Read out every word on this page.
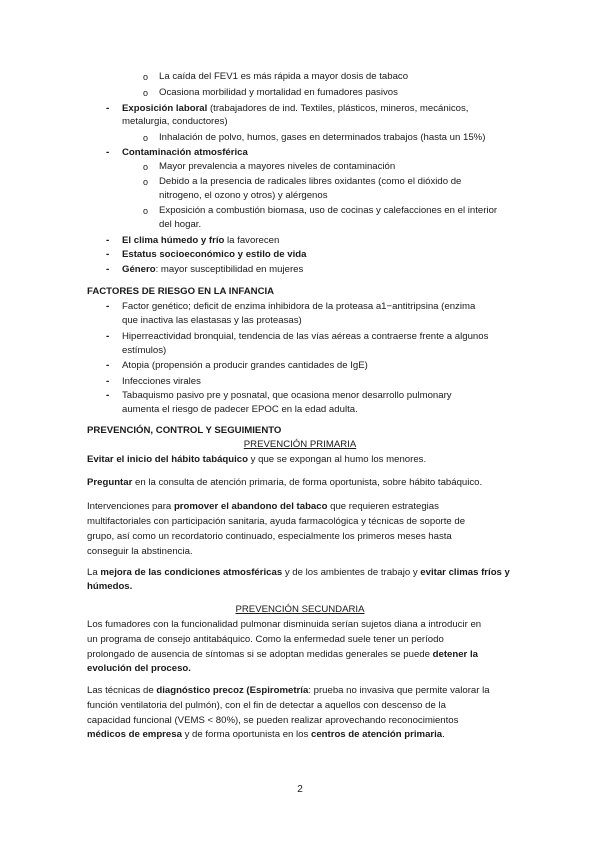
o La caída del FEV1 es más rápida a mayor dosis de tabaco
o Ocasiona morbilidad y mortalidad en fumadores pasivos
- Exposición laboral (trabajadores de ind. Textiles, plásticos, mineros, mecánicos,
metalurgia, conductores)
o Inhalación de polvo, humos, gases en determinados trabajos (hasta un 15%)
- Contaminación atmosférica
o Mayor prevalencia a mayores niveles de contaminación
o Debido a la presencia de radicales libres oxidantes (como el dióxido de
nitrogeno, el ozono y otros) y alérgenos
o Exposición a combustión biomasa, uso de cocinas y calefacciones en el interior
del hogar.
- El clima húmedo y frío la favorecen
- Estatus socioeconómico y estilo de vida
- Género: mayor susceptibilidad en mujeres
FACTORES DE RIESGO EN LA INFANCIA
- Factor genético; deficit de enzima inhibidora de la proteasa a1−antitripsina (enzima
que inactiva las elastasas y las proteasas)
- Hiperreactividad bronquial, tendencia de las vías aéreas a contraerse frente a algunos
estímulos)
- Atopia (propensión a producir grandes cantidades de IgE)
- Infecciones virales
- Tabaquismo pasivo pre y posnatal, que ocasiona menor desarrollo pulmonary
aumenta el riesgo de padecer EPOC en la edad adulta.
PREVENCIÓN, CONTROL Y SEGUIMIENTO
PREVENCIÓN PRIMARIA
Evitar el inicio del hábito tabáquico y que se expongan al humo los menores.
Preguntar en la consulta de atención primaria, de forma oportunista, sobre hábito tabáquico.
Intervenciones para promover el abandono del tabaco que requieren estrategias
multifactoriales con participación sanitaria, ayuda farmacológica y técnicas de soporte de
grupo, así como un recordatorio continuado, especialmente los primeros meses hasta
conseguir la abstinencia.
La mejora de las condiciones atmosféricas y de los ambientes de trabajo y evitar climas fríos y
húmedos.
PREVENCIÓN SECUNDARIA
Los fumadores con la funcionalidad pulmonar disminuida serían sujetos diana a introducir en
un programa de consejo antitabáquico. Como la enfermedad suele tener un período
prolongado de ausencia de síntomas si se adoptan medidas generales se puede detener la
evolución del proceso.
Las técnicas de diagnóstico precoz (Espirometría: prueba no invasiva que permite valorar la
función ventilatoria del pulmón), con el fin de detectar a aquellos con descenso de la
capacidad funcional (VEMS < 80%), se pueden realizar aprovechando reconocimientos
médicos de empresa y de forma oportunista en los centros de atención primaria.
2
